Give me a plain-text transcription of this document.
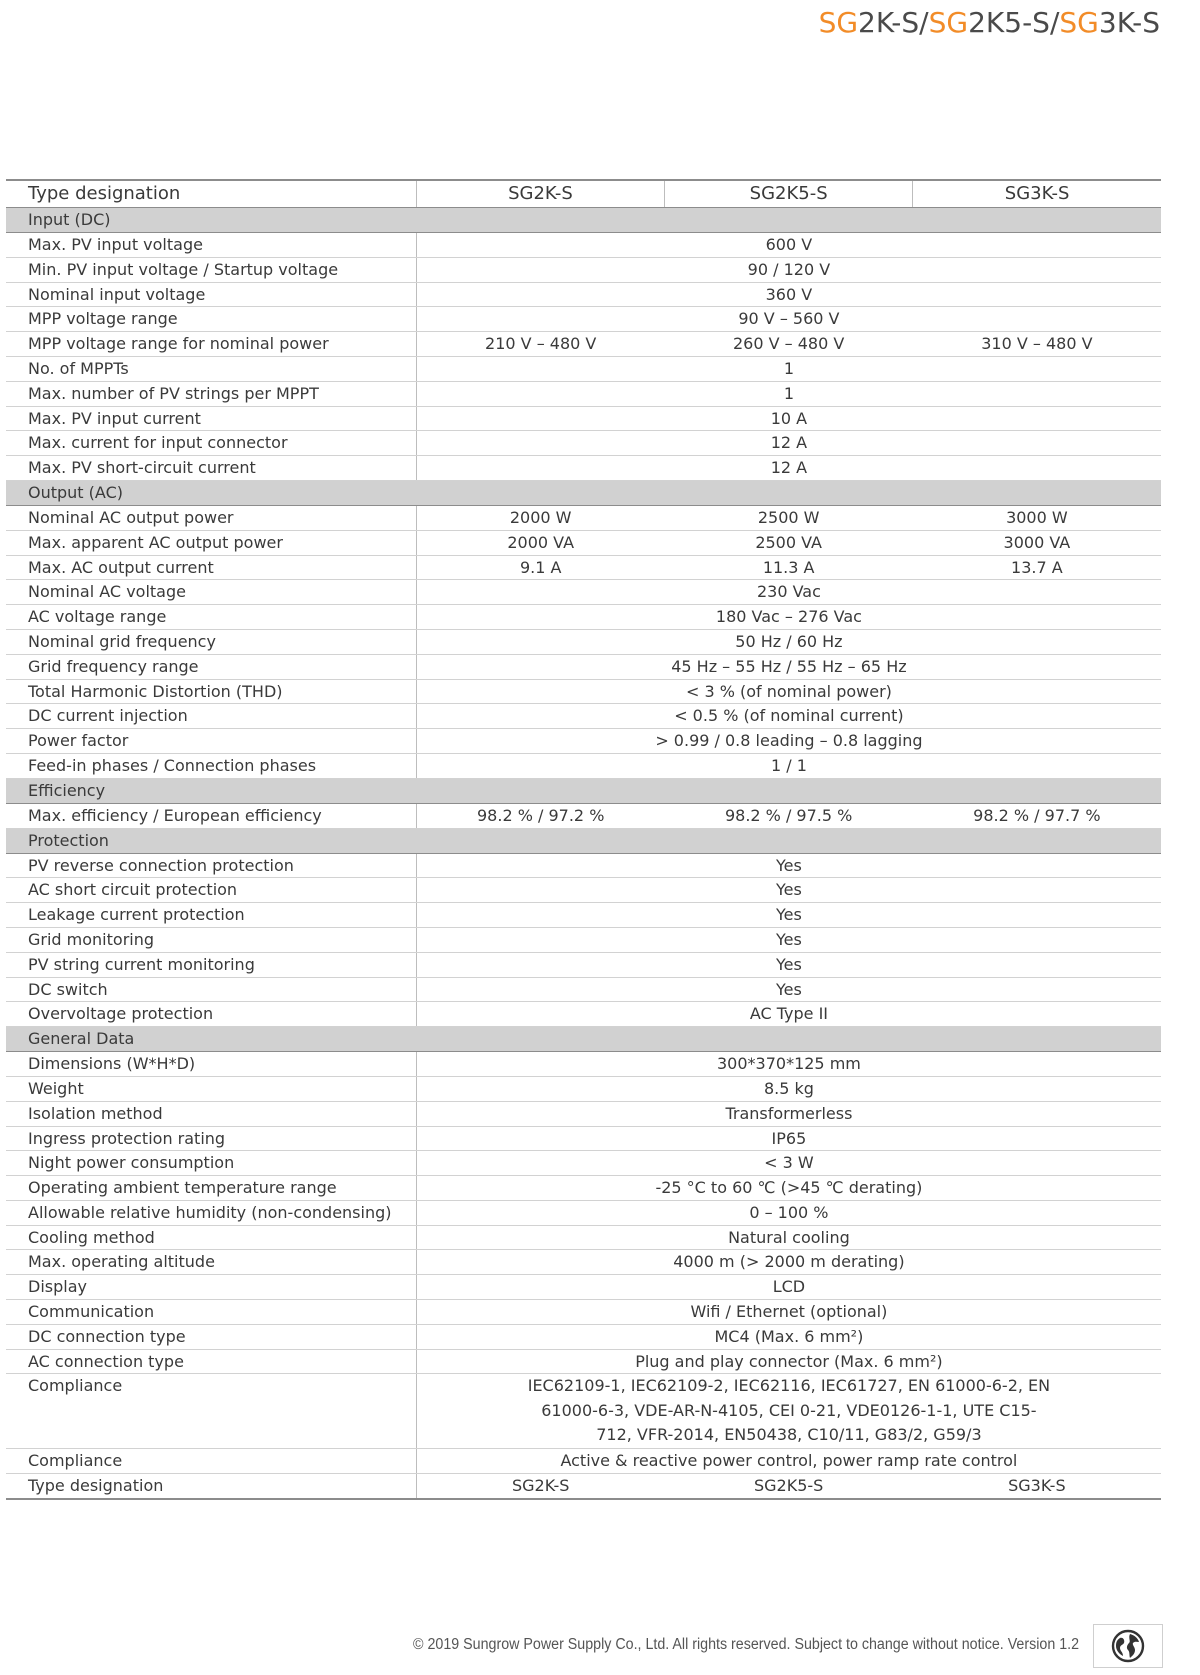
SG2K-S/SG2K5-S/SG3K-S
Type designation	SG2K-S	SG2K5-S	SG3K-S
Input (DC)			
Max. PV input voltage	600 V		
Min. PV input voltage / Startup voltage	90 / 120 V		
Nominal input voltage	360 V		
MPP voltage range	90 V – 560 V		
MPP voltage range for nominal power	210 V – 480 V	260 V – 480 V	310 V – 480 V
No. of MPPTs	1		
Max. number of PV strings per MPPT	1		
Max. PV input current	10 A		
Max. current for input connector	12 A		
Max. PV short-circuit current	12 A		
Output (AC)			
Nominal AC output power	2000 W	2500 W	3000 W
Max. apparent AC output power	2000 VA	2500 VA	3000 VA
Max. AC output current	9.1 A	11.3 A	13.7 A
Nominal AC voltage	230 Vac		
AC voltage range	180 Vac – 276 Vac		
Nominal grid frequency	50 Hz / 60 Hz		
Grid frequency range	45 Hz – 55 Hz / 55 Hz – 65 Hz		
Total Harmonic Distortion (THD)	< 3 % (of nominal power)		
DC current injection	< 0.5 % (of nominal current)		
Power factor	> 0.99 / 0.8 leading – 0.8 lagging		
Feed-in phases / Connection phases	1 / 1		
Efficiency			
Max. efficiency / European efficiency	98.2 % / 97.2 %	98.2 % / 97.5 %	98.2 % / 97.7 %
Protection			
PV reverse connection protection	Yes		
AC short circuit protection	Yes		
Leakage current protection	Yes		
Grid monitoring	Yes		
PV string current monitoring	Yes		
DC switch	Yes		
Overvoltage protection	AC Type II		
General Data			
Dimensions (W*H*D)	300*370*125 mm		
Weight	8.5 kg		
Isolation method	Transformerless		
Ingress protection rating	IP65		
Night power consumption	< 3 W		
Operating ambient temperature range	-25 °C to 60 ℃ (>45 ℃ derating)		
Allowable relative humidity (non-condensing)	0 – 100 %		
Cooling method	Natural cooling		
Max. operating altitude	4000 m (> 2000 m derating)		
Display	LCD		
Communication	Wifi / Ethernet (optional)		
DC connection type	MC4 (Max. 6 mm²)		
AC connection type	Plug and play connector (Max. 6 mm²)		
Compliance	IEC62109-1, IEC62109-2, IEC62116, IEC61727, EN 61000-6-2, EN 61000-6-3, VDE-AR-N-4105, CEI 0-21, VDE0126-1-1, UTE C15-712, VFR-2014, EN50438, C10/11, G83/2, G59/3		
Compliance	Active & reactive power control, power ramp rate control		
Type designation	SG2K-S	SG2K5-S	SG3K-S
© 2019 Sungrow Power Supply Co., Ltd. All rights reserved. Subject to change without notice. Version 1.2
